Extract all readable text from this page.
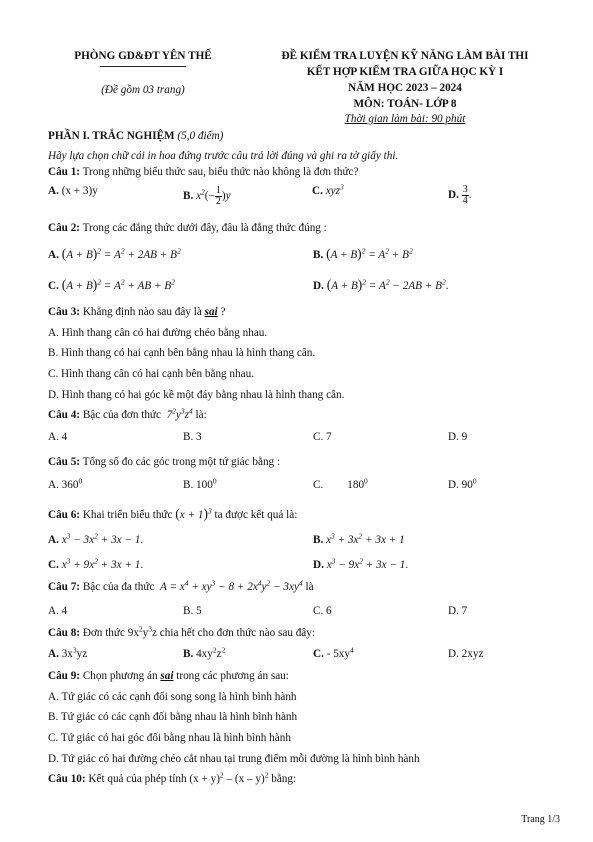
PHÒNG GD&ĐT YÊN THẾ
(Đề gồm 03 trang)
ĐỀ KIỂM TRA LUYỆN KỸ NĂNG LÀM BÀI THI
KẾT HỢP KIỂM TRA GIỮA HỌC KỲ I
NĂM HỌC 2023 – 2024
MÔN: TOÁN- LỚP 8
Thời gian làm bài: 90 phút
PHẦN I. TRẮC NGHIỆM (5,0 điểm)
Hãy lựa chọn chữ cái in hoa đứng trước câu trả lời đúng và ghi ra tờ giấy thi.
Câu 1: Trong những biểu thức sau, biểu thức nào không là đơn thức?
A. (x + 3)y	B. $x^2(- \frac{1}{2} )y$	C. xyz$^3$
D. $\frac{3}{4}$ .
Câu 2: Trong các đẳng thức dưới đây, đâu là đẳng thức đúng :
A. $(A + B)^2 = A^2 + 2AB + B^2$	B. $(A + B)^2 = A^2 + B^2$
C. $(A + B)^2 = A^2$ + AB + $B^2$	D. $(A + B)^2 = A^2 - 2AB + B^2$.
Câu 3: Khẳng định nào sau đây là sai ?
A. Hình thang cân có hai đường chéo bằng nhau.
B. Hình thang có hai cạnh bên bằng nhau là hình thang cân.
C. Hình thang cân có hai cạnh bên bằng nhau.
D. Hình thang có hai góc kề một đáy bằng nhau là hình thang cân.
Câu 4: Bậc của đơn thức  $7^2y^3z^4$ là:
A. 4	B. 3	C. 7	D. 9
Câu 5: Tổng số đo các góc trong một tứ giác bằng :
A. $360^0$	B. $100^0$	C. $180^0$	D. $90^0$
Câu 6: Khai triển biểu thức $(x + 1)^3$ ta được kết quả là:
A. $x^3 - 3x^2 + 3x - 1$.	B. $x^3 + 3x^2 + 3x + 1$
C. $x^3 + 9x^2 + 3x + 1$.	D. $x^3 - 9x^2 + 3x - 1$.
Câu 7: Bậc của đa thức  $A = x^4 + xy^3 - 8 + 2x^4y^2 - 3xy^4$ là
A. 4	B. 5	C. 6	D. 7
Câu 8: Đơn thức $9x^2y^3z$ chia hết cho đơn thức nào sau đây:
A. $3x^3yz$	B. $4xy^2z^2$	C. - $5xy^4$	D. 2xyz
Câu 9: Chọn phương án sai trong các phương án sau:
A. Tứ giác có các cạnh đối song song là hình bình hành
B. Tứ giác có các cạnh đối bằng nhau là hình bình hành
C. Tứ giác có hai góc đối bằng nhau là hình bình hành
D. Tứ giác có hai đường chéo cắt nhau tại trung điểm mỗi đường là hình bình hành
Câu 10: Kết quả của phép tính $(x + y)^2 - (x - y)^2$ bằng:
Trang 1/3
